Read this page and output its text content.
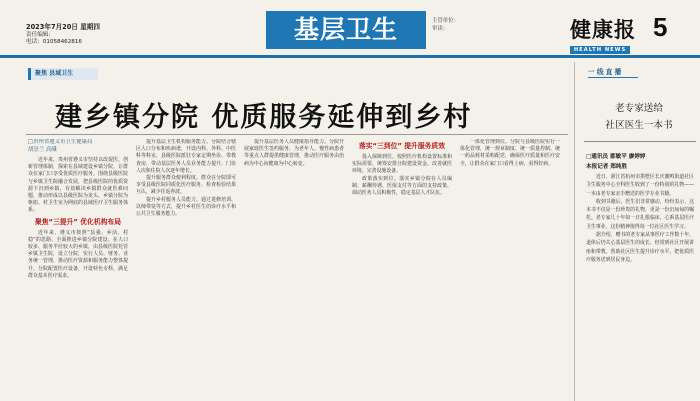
2023年7月20日 星期四
责任编辑：
电话：01058462816	基层卫生	主管单位：
审读：	健康报
HEALTH NEWS
5
聚焦 县域卫生
建乡镇分院 优质服务延伸到乡村
□贵州省遵义市卫生健康局
胡崇兰 高峨

近年来，贵州省遵义市坚持以改促医，创新管理体制，探索在县域建设乡镇分院，让群众在家门口享受优质医疗服务。围绕县级医院与乡镇卫生院融合发展，把县级医院的优质资源下沉到乡镇，有效解决乡镇群众就医难问题，推动形成以县级医院为龙头、乡镇分院为枢纽、村卫生室为网底的县域医疗卫生服务体系。

聚焦“三提升” 优化机构布局

近年来，遵义市按照“县强、乡活、村稳”的思路，全面推进乡镇分院建设。在人口较多、服务半径较大的乡镇，由县级医院托管乡镇卫生院，设立分院，实行人员、财务、业务统一管理，推动医疗资源和服务能力整体提升。分院配置医疗设备，开设特色专科，满足群众基本医疗需求。

提升基层卫生机构服务能力。分院结合辖区人口分布和疾病谱，开设内科、外科、中医科等科室，县级医院派驻专家定期坐诊、带教查房，带动基层医务人员业务能力提升，门诊人次和住院人次逐年增长。

提升服务群众便利程度。群众在分院即可享受县级医院同质化医疗服务，检查检验结果互认，减少往返奔波。

提升乡村服务人员能力。通过进修培训、以师带徒等方式，提升乡村医生的诊疗水平和公共卫生服务能力。

提升基层医务人员健康指导能力。分院开展家庭医生签约服务，为老年人、慢性病患者等重点人群提供健康管理，推动医疗服务由治病为中心向健康为中心转变。

落实“三到位” 提升服务质效

投入保障到位。按照医疗机构设置标准和实际需要，统筹安排分院建设资金，改善就医环境，完善设施设备。

政策落实到位。落实乡镇分院在人员编制、薪酬待遇、医保支付等方面的支持政策，调动医务人员积极性，稳定基层人才队伍。

一体化管理到位。分院与县级医院实行一体化管理，统一规章制度、统一质量控制、统一药品耗材采购配送，确保医疗质量和医疗安全，让群众在家门口看得上病、看得好病。

一 线 直 播
老专家送给
社区医生一本书
□通讯员 郡敏平 廖婷婷
本报记者 郑纯胜

近日，浙江省杭州市拱墅区长庆潮鸣街道社区卫生服务中心全科医生收到了一份特别的礼物——一本由老专家亲手赠送的医学专业书籍。

收到书籍后，医生们非常感动，纷纷表示，这本书不仅是一份珍贵的礼物，更是一份沉甸甸的嘱托。老专家几十年如一日扎根临床，心系基层医疗卫生事业，这份精神值得每一位社区医生学习。

据介绍，赠书的老专家从事医疗工作数十年，退休后仍关心基层医生的成长，经常到社区开展讲座和带教，帮助社区医生提升诊疗水平，把优质医疗服务送到居民身边。
